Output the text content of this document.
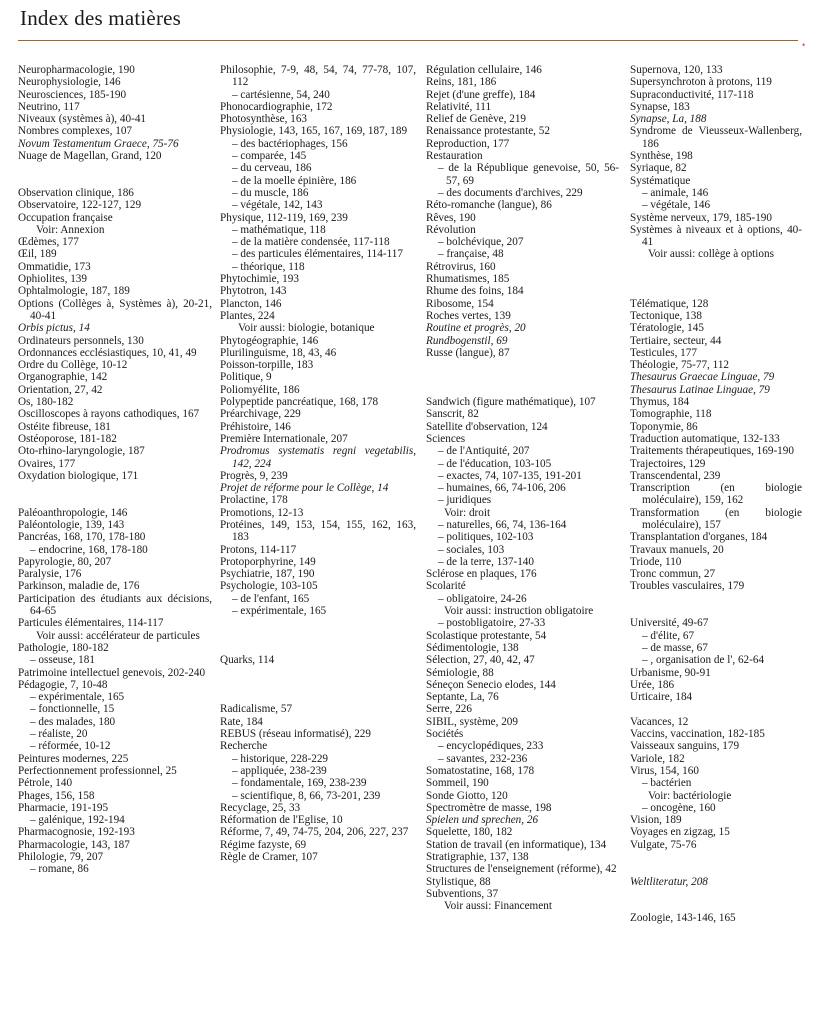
Index des matières
•

Neuropharmacologie, 190

Neurophysiologie, 146

Neurosciences, 185-190

Neutrino, 117

Niveaux (systèmes à), 40-41

Nombres complexes, 107

Novum Testamentum Graece, 75-76

Nuage de Magellan, Grand, 120

Observation clinique, 186

Observatoire, 122-127, 129

Occupation française

Voir: Annexion

Œdèmes, 177

Œil, 189

Ommatidie, 173

Ophiolites, 139

Ophtalmologie, 187, 189

Options (Collèges à, Systèmes à), 20-21, 40-41

Orbis pictus, 14

Ordinateurs personnels, 130

Ordonnances ecclésiastiques, 10, 41, 49

Ordre du Collège, 10-12

Organographie, 142

Orientation, 27, 42

Os, 180-182

Oscilloscopes à rayons cathodiques, 167

Ostéite fibreuse, 181

Ostéoporose, 181-182

Oto-rhino-laryngologie, 187

Ovaires, 177

Oxydation biologique, 171

Paléoanthropologie, 146

Paléontologie, 139, 143

Pancréas, 168, 170, 178-180

– endocrine, 168, 178-180

Papyrologie, 80, 207

Paralysie, 176

Parkinson, maladie de, 176

Participation des étudiants aux décisions, 64-65

Particules élémentaires, 114-117

Voir aussi: accélérateur de particules

Pathologie, 180-182

– osseuse, 181

Patrimoine intellectuel genevois, 202-240

Pédagogie, 7, 10-48

– expérimentale, 165

– fonctionnelle, 15

– des malades, 180

– réaliste, 20

– réformée, 10-12

Peintures modernes, 225

Perfectionnement professionnel, 25

Pétrole, 140

Phages, 156, 158

Pharmacie, 191-195

– galénique, 192-194

Pharmacognosie, 192-193

Pharmacologie, 143, 187

Philologie, 79, 207

– romane, 86

Philosophie, 7-9, 48, 54, 74, 77-78, 107, 112

– cartésienne, 54, 240

Phonocardiographie, 172

Photosynthèse, 163

Physiologie, 143, 165, 167, 169, 187, 189

– des bactériophages, 156

– comparée, 145

– du cerveau, 186

– de la moelle épinière, 186

– du muscle, 186

– végétale, 142, 143

Physique, 112-119, 169, 239

– mathématique, 118

– de la matière condensée, 117-118

– des particules élémentaires, 114-117

– théorique, 118

Phytochimie, 193

Phytotron, 143

Plancton, 146

Plantes, 224

Voir aussi: biologie, botanique

Phytogéographie, 146

Plurilinguisme, 18, 43, 46

Poisson-torpille, 183

Politique, 9

Poliomyélite, 186

Polypeptide pancréatique, 168, 178

Préarchivage, 229

Préhistoire, 146

Première Internationale, 207

Prodromus systematis regni vegetabilis, 142, 224

Progrès, 9, 239

Projet de réforme pour le Collège, 14

Prolactine, 178

Promotions, 12-13

Protéines, 149, 153, 154, 155, 162, 163, 183

Protons, 114-117

Protoporphyrine, 149

Psychiatrie, 187, 190

Psychologie, 103-105

– de l'enfant, 165

– expérimentale, 165

Quarks, 114

Radicalisme, 57

Rate, 184

REBUS (réseau informatisé), 229

Recherche

– historique, 228-229

– appliquée, 238-239

– fondamentale, 169, 238-239

– scientifique, 8, 66, 73-201, 239

Recyclage, 25, 33

Réformation de l'Eglise, 10

Réforme, 7, 49, 74-75, 204, 206, 227, 237

Régime fazyste, 69

Règle de Cramer, 107

Régulation cellulaire, 146

Reins, 181, 186

Rejet (d'une greffe), 184

Relativité, 111

Relief de Genève, 219

Renaissance protestante, 52

Reproduction, 177

Restauration

– de la République genevoise, 50, 56-57, 69

– des documents d'archives, 229

Réto-romanche (langue), 86

Rêves, 190

Révolution

– bolchévique, 207

– française, 48

Rétrovirus, 160

Rhumatismes, 185

Rhume des foins, 184

Ribosome, 154

Roches vertes, 139

Routine et progrès, 20

Rundbogenstil, 69

Russe (langue), 87

Sandwich (figure mathématique), 107

Sanscrit, 82

Satellite d'observation, 124

Sciences

– de l'Antiquité, 207

– de l'éducation, 103-105

– exactes, 74, 107-135, 191-201

– humaines, 66, 74-106, 206

– juridiques

Voir: droit

– naturelles, 66, 74, 136-164

– politiques, 102-103

– sociales, 103

– de la terre, 137-140

Sclérose en plaques, 176

Scolarité

– obligatoire, 24-26

Voir aussi: instruction obligatoire

– postobligatoire, 27-33

Scolastique protestante, 54

Sédimentologie, 138

Sélection, 27, 40, 42, 47

Sémiologie, 88

Séneçon Senecio elodes, 144

Septante, La, 76

Serre, 226

SIBIL, système, 209

Sociétés

– encyclopédiques, 233

– savantes, 232-236

Somatostatine, 168, 178

Sommeil, 190

Sonde Giotto, 120

Spectromètre de masse, 198

Spielen und sprechen, 26

Squelette, 180, 182

Station de travail (en informatique), 134

Stratigraphie, 137, 138

Structures de l'enseignement (réforme), 42

Stylistique, 88

Subventions, 37

Voir aussi: Financement

Supernova, 120, 133

Supersynchroton à protons, 119

Supraconductivité, 117-118

Synapse, 183

Synapse, La, 188

Syndrome de Vieusseux-Wallenberg, 186

Synthèse, 198

Syriaque, 82

Systématique

– animale, 146

– végétale, 146

Système nerveux, 179, 185-190

Systèmes à niveaux et à options, 40-41

Voir aussi: collège à options

Télématique, 128

Tectonique, 138

Tératologie, 145

Tertiaire, secteur, 44

Testicules, 177

Théologie, 75-77, 112

Thesaurus Graecae Linguae, 79

Thesaurus Latinae Linguae, 79

Thymus, 184

Tomographie, 118

Toponymie, 86

Traduction automatique, 132-133

Traitements thérapeutiques, 169-190

Trajectoires, 129

Transcendental, 239

Transcription (en biologie moléculaire), 159, 162

Transformation (en biologie moléculaire), 157

Transplantation d'organes, 184

Travaux manuels, 20

Triode, 110

Tronc commun, 27

Troubles vasculaires, 179

Université, 49-67

– d'élite, 67

– de masse, 67

– , organisation de l', 62-64

Urbanisme, 90-91

Urée, 186

Urticaire, 184

Vacances, 12

Vaccins, vaccination, 182-185

Vaisseaux sanguins, 179

Variole, 182

Virus, 154, 160

– bactérien

Voir: bactériologie

– oncogène, 160

Vision, 189

Voyages en zigzag, 15

Vulgate, 75-76

Weltliteratur, 208

Zoologie, 143-146, 165
